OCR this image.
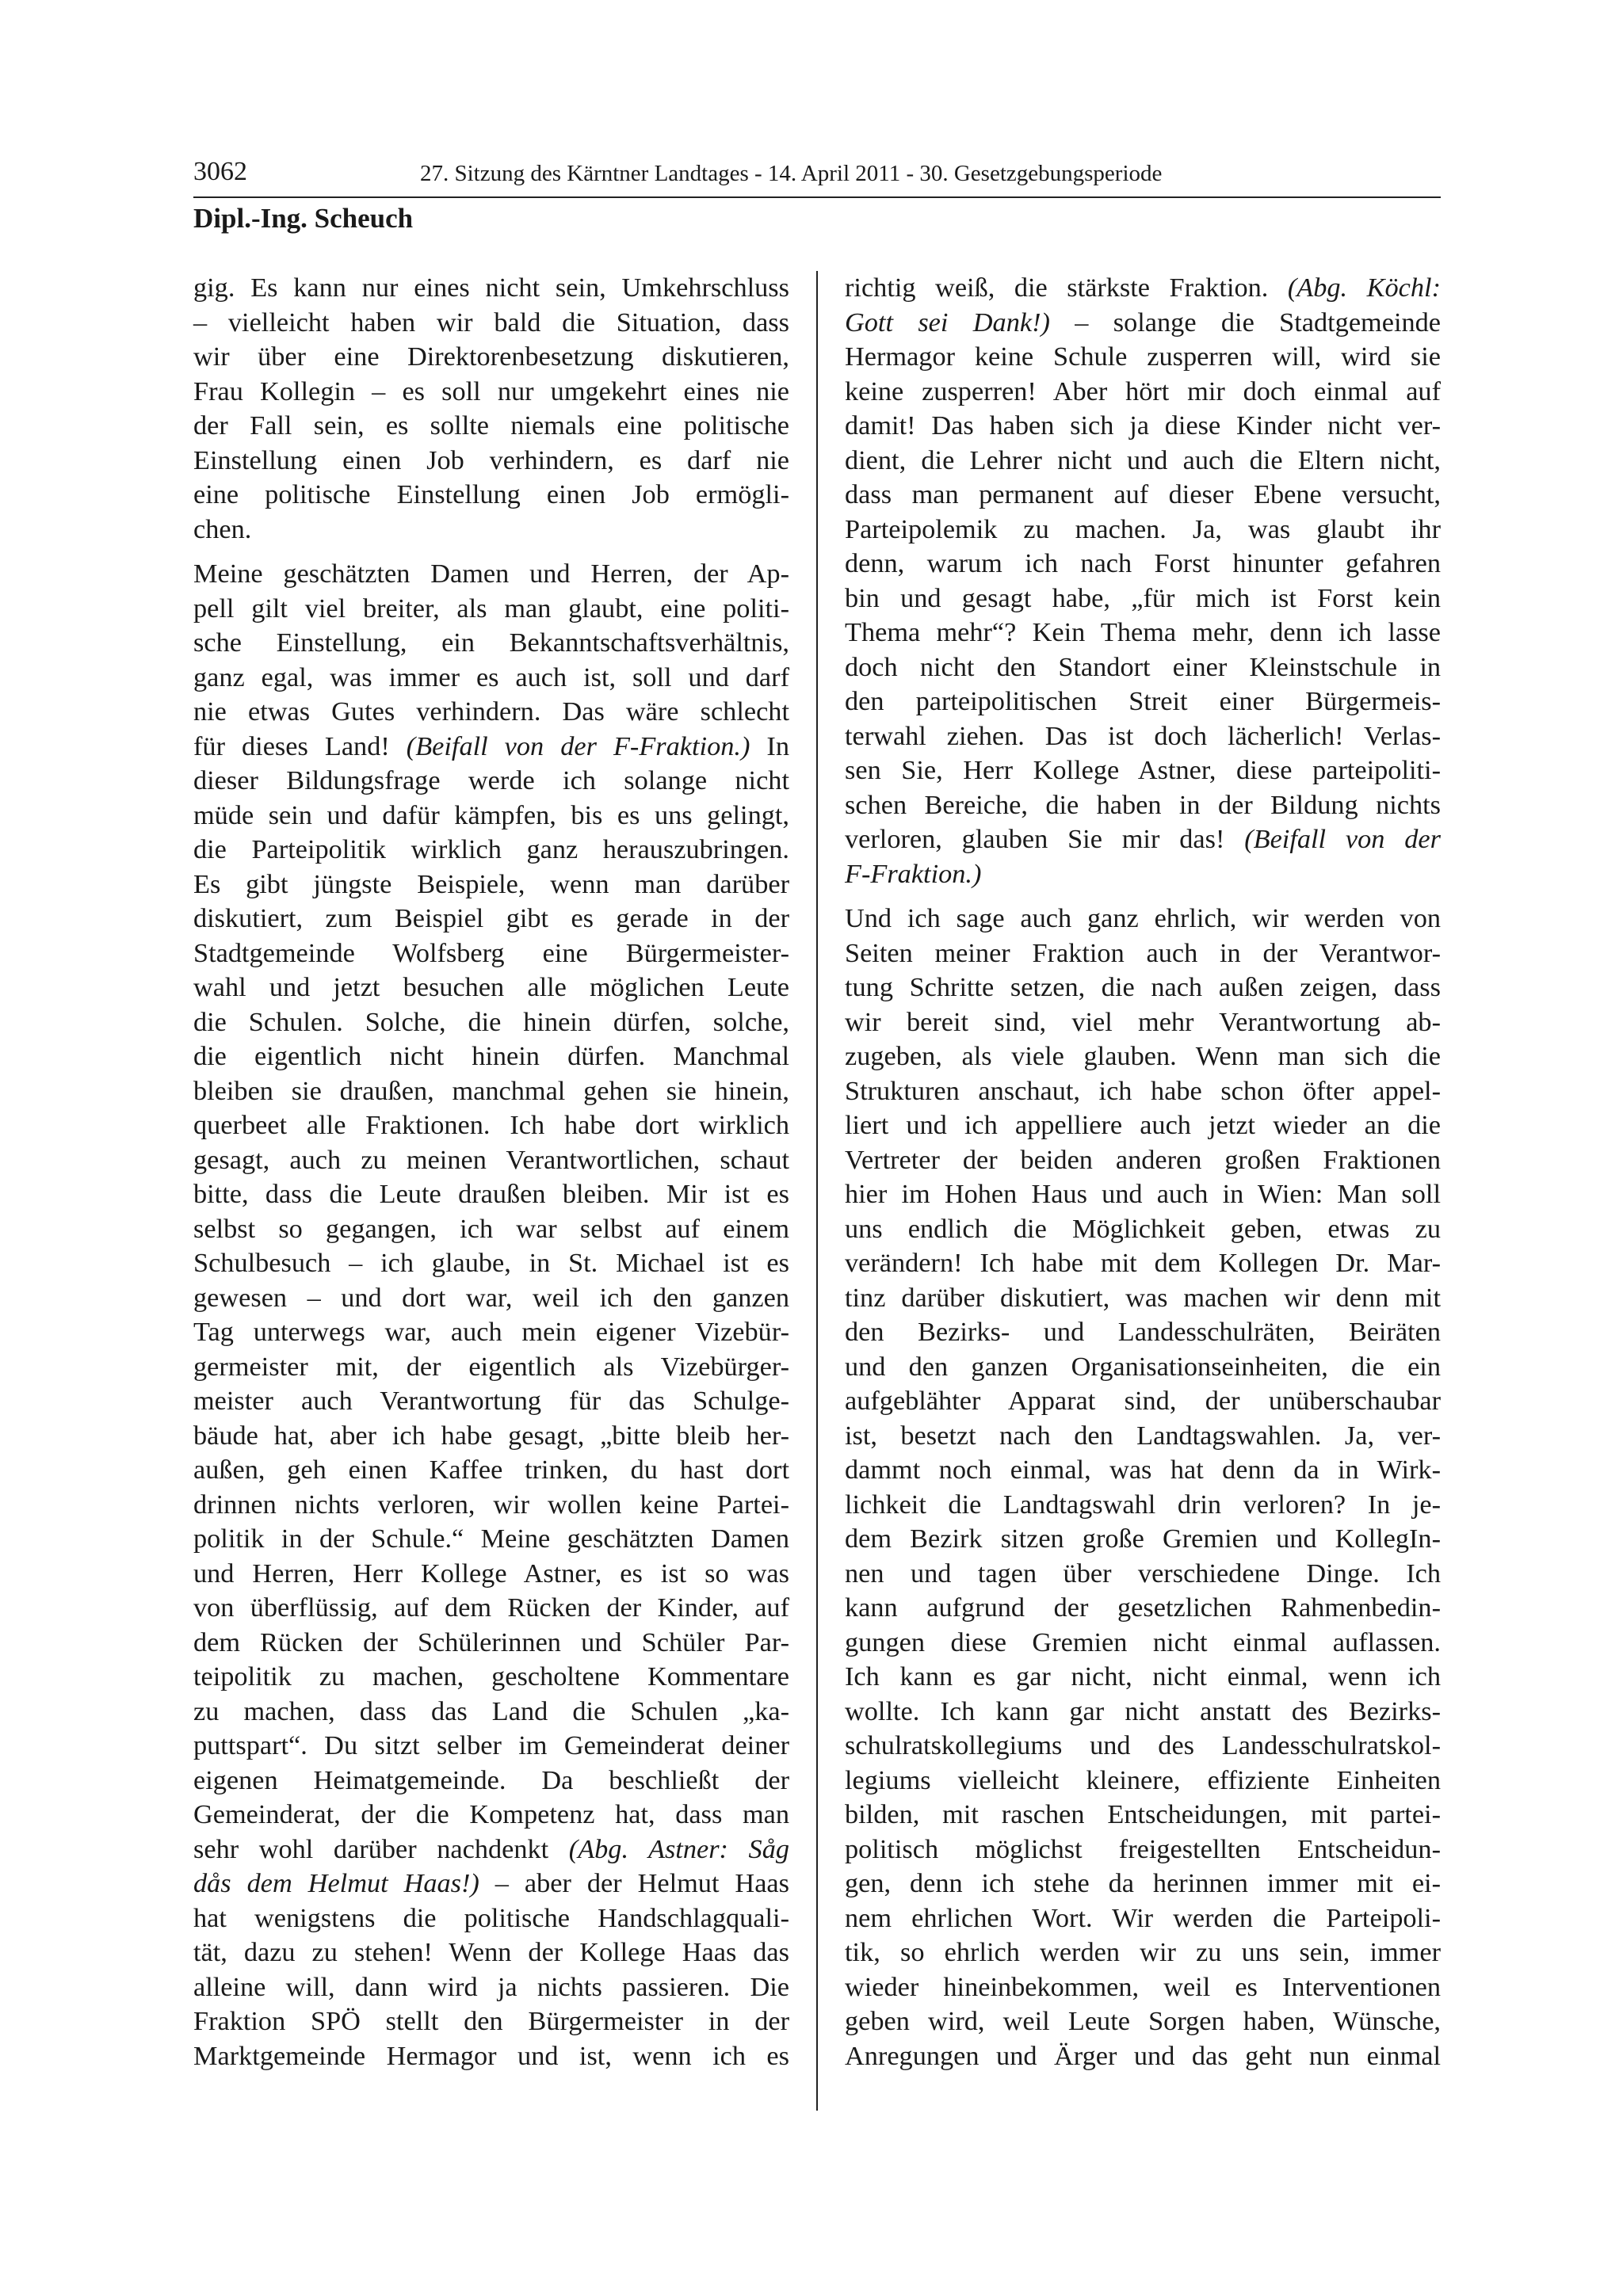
3062	27. Sitzung des Kärntner Landtages - 14. April 2011 - 30. Gesetzgebungsperiode
Dipl.-Ing. Scheuch
gig. Es kann nur eines nicht sein, Umkehrschluss
– vielleicht haben wir bald die Situation, dass
wir über eine Direktorenbesetzung diskutieren,
Frau Kollegin – es soll nur umgekehrt eines nie
der Fall sein, es sollte niemals eine politische
Einstellung einen Job verhindern, es darf nie
eine politische Einstellung einen Job ermögli-
chen.
Meine geschätzten Damen und Herren, der Ap-
pell gilt viel breiter, als man glaubt, eine politi-
sche Einstellung, ein Bekanntschaftsverhältnis,
ganz egal, was immer es auch ist, soll und darf
nie etwas Gutes verhindern. Das wäre schlecht
für dieses Land! (Beifall von der F-Fraktion.) In
dieser Bildungsfrage werde ich solange nicht
müde sein und dafür kämpfen, bis es uns gelingt,
die Parteipolitik wirklich ganz herauszubringen.
Es gibt jüngste Beispiele, wenn man darüber
diskutiert, zum Beispiel gibt es gerade in der
Stadtgemeinde Wolfsberg eine Bürgermeister-
wahl und jetzt besuchen alle möglichen Leute
die Schulen. Solche, die hinein dürfen, solche,
die eigentlich nicht hinein dürfen. Manchmal
bleiben sie draußen, manchmal gehen sie hinein,
querbeet alle Fraktionen. Ich habe dort wirklich
gesagt, auch zu meinen Verantwortlichen, schaut
bitte, dass die Leute draußen bleiben. Mir ist es
selbst so gegangen, ich war selbst auf einem
Schulbesuch – ich glaube, in St. Michael ist es
gewesen – und dort war, weil ich den ganzen
Tag unterwegs war, auch mein eigener Vizebür-
germeister mit, der eigentlich als Vizebürger-
meister auch Verantwortung für das Schulge-
bäude hat, aber ich habe gesagt, „bitte bleib her-
außen, geh einen Kaffee trinken, du hast dort
drinnen nichts verloren, wir wollen keine Partei-
politik in der Schule.“ Meine geschätzten Damen
und Herren, Herr Kollege Astner, es ist so was
von überflüssig, auf dem Rücken der Kinder, auf
dem Rücken der Schülerinnen und Schüler Par-
teipolitik zu machen, gescholtene Kommentare
zu machen, dass das Land die Schulen „ka-
puttspart“. Du sitzt selber im Gemeinderat deiner
eigenen Heimatgemeinde. Da beschließt der
Gemeinderat, der die Kompetenz hat, dass man
sehr wohl darüber nachdenkt (Abg. Astner: Såg
dås dem Helmut Haas!) – aber der Helmut Haas
hat wenigstens die politische Handschlagquali-
tät, dazu zu stehen! Wenn der Kollege Haas das
alleine will, dann wird ja nichts passieren. Die
Fraktion SPÖ stellt den Bürgermeister in der
Marktgemeinde Hermagor und ist, wenn ich es
richtig weiß, die stärkste Fraktion. (Abg. Köchl:
Gott sei Dank!) – solange die Stadtgemeinde
Hermagor keine Schule zusperren will, wird sie
keine zusperren! Aber hört mir doch einmal auf
damit! Das haben sich ja diese Kinder nicht ver-
dient, die Lehrer nicht und auch die Eltern nicht,
dass man permanent auf dieser Ebene versucht,
Parteipolemik zu machen. Ja, was glaubt ihr
denn, warum ich nach Forst hinunter gefahren
bin und gesagt habe, „für mich ist Forst kein
Thema mehr“? Kein Thema mehr, denn ich lasse
doch nicht den Standort einer Kleinstschule in
den parteipolitischen Streit einer Bürgermeis-
terwahl ziehen. Das ist doch lächerlich! Verlas-
sen Sie, Herr Kollege Astner, diese parteipoliti-
schen Bereiche, die haben in der Bildung nichts
verloren, glauben Sie mir das! (Beifall von der
F-Fraktion.)
Und ich sage auch ganz ehrlich, wir werden von
Seiten meiner Fraktion auch in der Verantwor-
tung Schritte setzen, die nach außen zeigen, dass
wir bereit sind, viel mehr Verantwortung ab-
zugeben, als viele glauben. Wenn man sich die
Strukturen anschaut, ich habe schon öfter appel-
liert und ich appelliere auch jetzt wieder an die
Vertreter der beiden anderen großen Fraktionen
hier im Hohen Haus und auch in Wien: Man soll
uns endlich die Möglichkeit geben, etwas zu
verändern! Ich habe mit dem Kollegen Dr. Mar-
tinz darüber diskutiert, was machen wir denn mit
den Bezirks- und Landesschulräten, Beiräten
und den ganzen Organisationseinheiten, die ein
aufgeblähter Apparat sind, der unüberschaubar
ist, besetzt nach den Landtagswahlen. Ja, ver-
dammt noch einmal, was hat denn da in Wirk-
lichkeit die Landtagswahl drin verloren? In je-
dem Bezirk sitzen große Gremien und KollegIn-
nen und tagen über verschiedene Dinge. Ich
kann aufgrund der gesetzlichen Rahmenbedin-
gungen diese Gremien nicht einmal auflassen.
Ich kann es gar nicht, nicht einmal, wenn ich
wollte. Ich kann gar nicht anstatt des Bezirks-
schulratskollegiums und des Landesschulratskol-
legiums vielleicht kleinere, effiziente Einheiten
bilden, mit raschen Entscheidungen, mit partei-
politisch möglichst freigestellten Entscheidun-
gen, denn ich stehe da herinnen immer mit ei-
nem ehrlichen Wort. Wir werden die Parteipoli-
tik, so ehrlich werden wir zu uns sein, immer
wieder hineinbekommen, weil es Interventionen
geben wird, weil Leute Sorgen haben, Wünsche,
Anregungen und Ärger und das geht nun einmal
